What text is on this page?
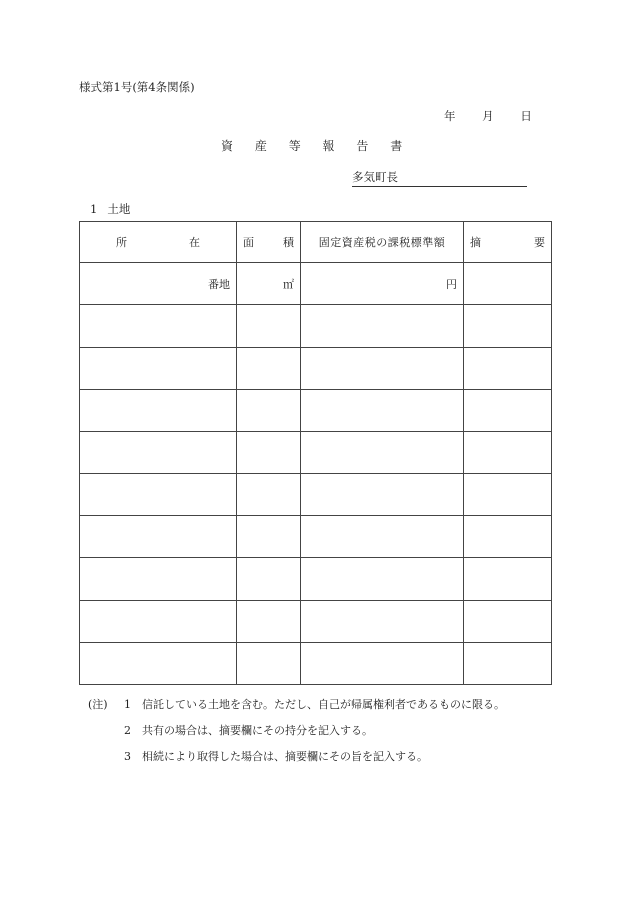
様式第1号(第4条関係)
年 月 日
資 産 等 報 告 書
多気町長
1 土地
所 在	面 積	固定資産税の課税標準額	摘 要

番地	㎡	円	

(注) 1 信託している土地を含む。ただし、自己が帰属権利者であるものに限る。
2 共有の場合は、摘要欄にその持分を記入する。
3 相続により取得した場合は、摘要欄にその旨を記入する。
